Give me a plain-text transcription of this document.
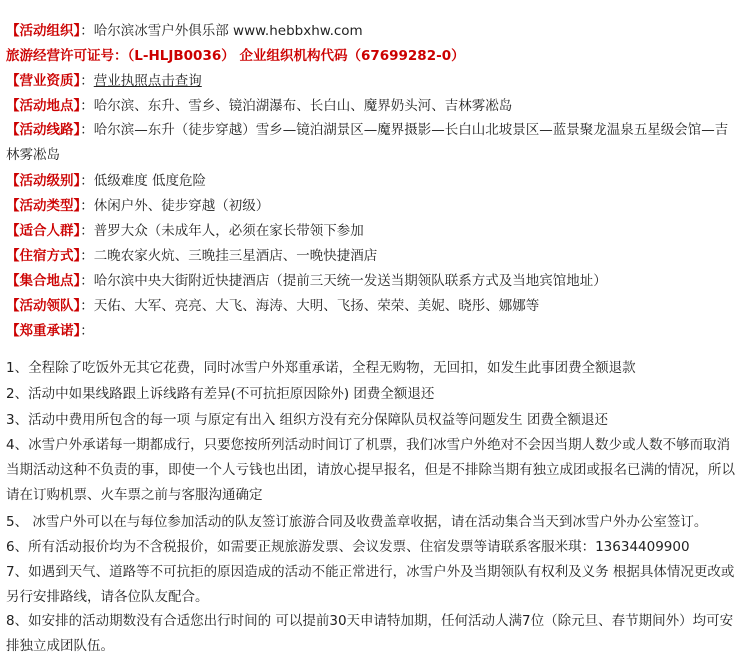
【活动组织】：哈尔滨冰雪户外俱乐部 www.hebbxhw.com
旅游经营许可证号：（L-HLJB0036） 企业组织机构代码（67699282-0）
【营业资质】：营业执照点击查询
【活动地点】：哈尔滨、东升、雪乡、镜泊湖瀑布、长白山、魔界奶头河、吉林雾凇岛
【活动线路】：哈尔滨—东升（徒步穿越）雪乡—镜泊湖景区—魔界摄影—长白山北坡景区—蓝景聚龙温泉五星级会馆—吉林雾凇岛
【活动级别】：低级难度 低度危险
【活动类型】：休闲户外、徒步穿越（初级）
【适合人群】：普罗大众（未成年人，必须在家长带领下参加
【住宿方式】：二晚农家火炕、三晚挂三星酒店、一晚快捷酒店
【集合地点】：哈尔滨中央大街附近快捷酒店（提前三天统一发送当期领队联系方式及当地宾馆地址）
【活动领队】：天佑、大军、亮亮、大飞、海涛、大明、飞扬、荣荣、美妮、晓彤、娜娜等
【郑重承诺】：
1、全程除了吃饭外无其它花费，同时冰雪户外郑重承诺，全程无购物，无回扣，如发生此事团费全额退款
2、活动中如果线路跟上诉线路有差异(不可抗拒原因除外) 团费全额退还
3、活动中费用所包含的每一项 与原定有出入 组织方没有充分保障队员权益等问题发生 团费全额退还
4、冰雪户外承诺每一期都成行，只要您按所列活动时间订了机票，我们冰雪户外绝对不会因当期人数少或人数不够而取消当期活动这种不负责的事，即使一个人亏钱也出团，请放心提早报名，但是不排除当期有独立成团或报名已满的情况，所以请在订购机票、火车票之前与客服沟通确定
5、 冰雪户外可以在与每位参加活动的队友签订旅游合同及收费盖章收据，请在活动集合当天到冰雪户外办公室签订。
6、所有活动报价均为不含税报价，如需要正规旅游发票、会议发票、住宿发票等请联系客服米琪：13634409900
7、如遇到天气、道路等不可抗拒的原因造成的活动不能正常进行，冰雪户外及当期领队有权利及义务 根据具体情况更改或另行安排路线，请各位队友配合。
8、如安排的活动期数没有合适您出行时间的 可以提前30天申请特加期，任何活动人满7位（除元旦、春节期间外）均可安排独立成团队伍。
